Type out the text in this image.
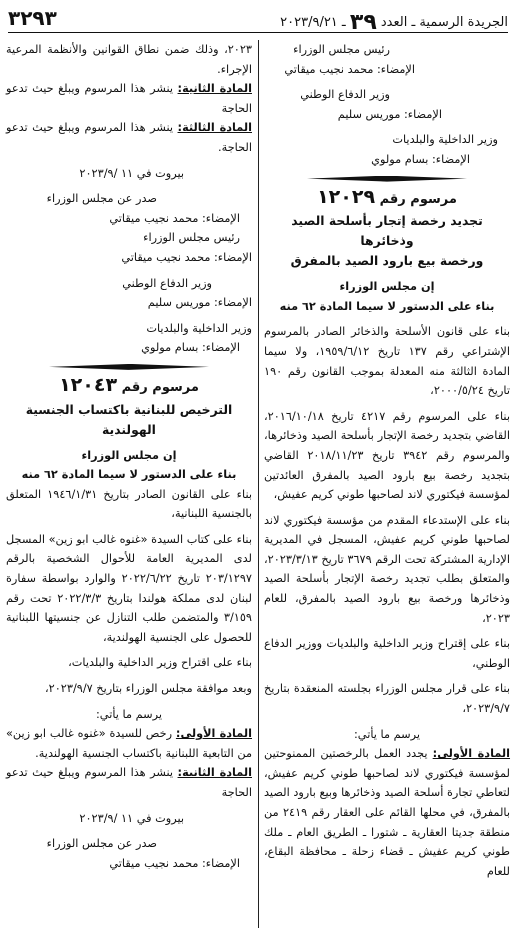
الجريدة الرسمية ـ العدد ٣٩ ـ ٢٠٢٣/٩/٢١
٣٢٩٣

رئيس مجلس الوزراء

الإمضاء: محمد نجيب ميقاتي

وزير الدفاع الوطني

الإمضاء: موريس سليم

وزير الداخلية والبلديات

الإمضاء: بسام مولوي

مرسوم رقم ١٢٠٢٩
تجديد رخصة إتجار بأسلحة الصيد وذخائرها
ورخصة بيع بارود الصيد بالمفرق

إن مجلس الوزراء

بناء على الدستور لا سيما المادة ٦٢ منه

بناء على قانون الأسلحة والذخائر الصادر بالمرسوم الإشتراعي رقم ١٣٧ تاريخ ١٩٥٩/٦/١٢، ولا سيما المادة الثالثة منه المعدلة بموجب القانون رقم ١٩٠ تاريخ ٢٠٠٠/٥/٢٤،

بناء على المرسوم رقم ٤٢١٧ تاريخ ٢٠١٦/١٠/١٨، القاضي بتجديد رخصة الإتجار بأسلحة الصيد وذخائرها، والمرسوم رقم ٣٩٤٢ تاريخ ٢٠١٨/١١/٢٣ القاضي بتجديد رخصة بيع بارود الصيد بالمفرق العائدتين لمؤسسة فيكتوري لاند لصاحبها طوني كريم عفيش،

بناء على الإستدعاء المقدم من مؤسسة فيكتوري لاند لصاحبها طوني كريم عفيش، المسجل في المديرية الإدارية المشتركة تحت الرقم ٣٦٧٩ تاريخ ٢٠٢٣/٣/١٣، والمتعلق بطلب تجديد رخصة الإتجار بأسلحة الصيد وذخائرها ورخصة بيع بارود الصيد بالمفرق، للعام ٢٠٢٣،

بناء على إقتراح وزير الداخلية والبلديات ووزير الدفاع الوطني،

بناء على قرار مجلس الوزراء بجلسته المنعقدة بتاريخ ٢٠٢٣/٩/٧،

يرسم ما يأتي:

المادة الأولى: يجدد العمل بالرخصتين الممنوحتين لمؤسسة فيكتوري لاند لصاحبها طوني كريم عفيش، لتعاطي تجارة أسلحة الصيد وذخائرها وبيع بارود الصيد بالمفرق، في محلها القائم على العقار رقم ٢٤١٩ من منطقة جديتا العقارية ـ شتورا ـ الطريق العام ـ ملك طوني كريم عفيش ـ قضاء زحلة ـ محافظة البقاع، للعام

٢٠٢٣، وذلك ضمن نطاق القوانين والأنظمة المرعية الإجراء.

المادة الثانية: ينشر هذا المرسوم ويبلغ حيث تدعو الحاجة

المادة الثالثة: ينشر هذا المرسوم ويبلغ حيث تدعو الحاجة.

بيروت في ١١ /٢٠٢٣/٩

صدر عن مجلس الوزراء

الإمضاء: محمد نجيب ميقاتي

رئيس مجلس الوزراء

الإمضاء: محمد نجيب ميقاتي

وزير الدفاع الوطني

الإمضاء: موريس سليم

وزير الداخلية والبلديات

الإمضاء: بسام مولوي

مرسوم رقم ١٢٠٤٣
الترخيص للبنانية باكتساب الجنسية الهولندية

إن مجلس الوزراء

بناء على الدستور لا سيما المادة ٦٢ منه

بناء على القانون الصادر بتاريخ ١٩٤٦/١/٣١ المتعلق بالجنسية اللبنانية،

بناء على كتاب السيدة «غنوه غالب ابو زين» المسجل لدى المديرية العامة للأحوال الشخصية بالرقم ٢٠٣/١٢٩٧ تاريخ ٢٠٢٢/٦/٢٢ والوارد بواسطة سفارة لبنان لدى مملكة هولندا بتاريخ ٢٠٢٢/٣/٣ تحت رقم ٣/١٥٩ والمتضمن طلب التنازل عن جنسيتها اللبنانية للحصول على الجنسية الهولندية،

بناء على اقتراح وزير الداخلية والبلديات،

وبعد موافقة مجلس الوزراء بتاريخ ٢٠٢٣/٩/٧،

يرسم ما يأتي:

المادة الأولى: رخص للسيدة «غنوه غالب ابو زين» من التابعية اللبنانية باكتساب الجنسية الهولندية.

المادة الثانية: ينشر هذا المرسوم ويبلغ حيث تدعو الحاجة

بيروت في ١١ /٢٠٢٣/٩

صدر عن مجلس الوزراء

الإمضاء: محمد نجيب ميقاتي
